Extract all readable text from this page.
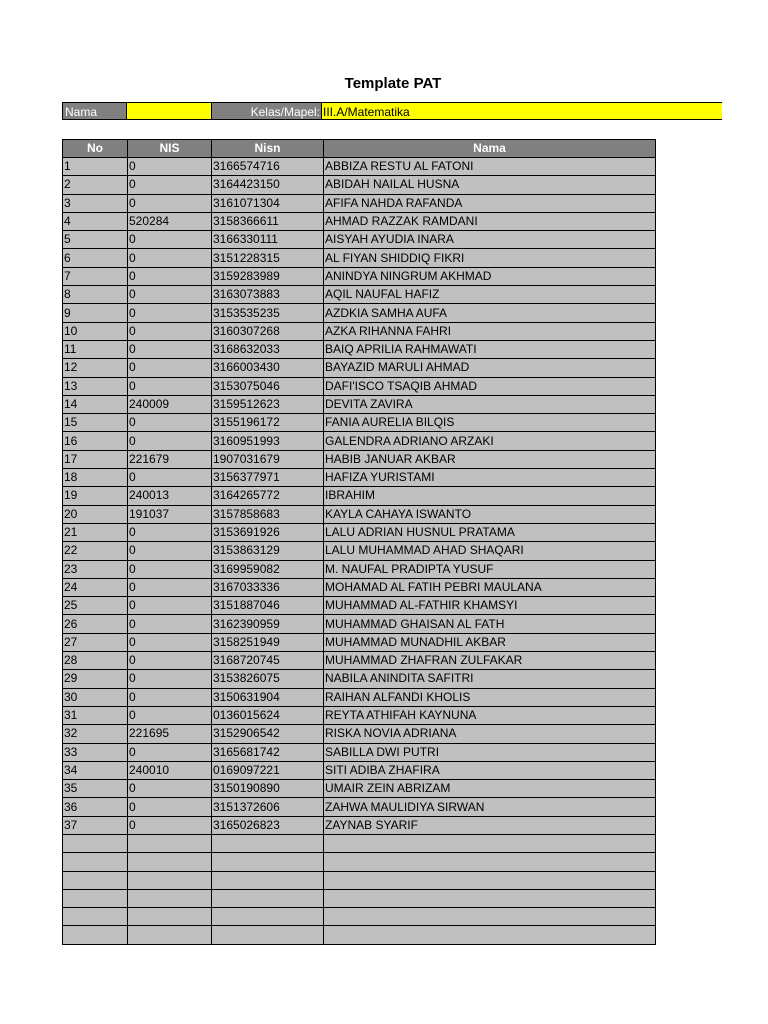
Template PAT
Nama	Kelas/Mapel: III.A/Matematika
No	NIS	Nisn	Nama
1	0	3166574716	ABBIZA RESTU AL FATONI
2	0	3164423150	ABIDAH NAILAL HUSNA
3	0	3161071304	AFIFA NAHDA RAFANDA
4	520284	3158366611	AHMAD RAZZAK RAMDANI
5	0	3166330111	AISYAH AYUDIA INARA
6	0	3151228315	AL FIYAN SHIDDIQ FIKRI
7	0	3159283989	ANINDYA NINGRUM AKHMAD
8	0	3163073883	AQIL NAUFAL HAFIZ
9	0	3153535235	AZDKIA SAMHA AUFA
10	0	3160307268	AZKA RIHANNA FAHRI
11	0	3168632033	BAIQ APRILIA RAHMAWATI
12	0	3166003430	BAYAZID MARULI AHMAD
13	0	3153075046	DAFI'ISCO TSAQIB AHMAD
14	240009	3159512623	DEVITA ZAVIRA
15	0	3155196172	FANIA AURELIA BILQIS
16	0	3160951993	GALENDRA ADRIANO ARZAKI
17	221679	1907031679	HABIB JANUAR AKBAR
18	0	3156377971	HAFIZA YURISTAMI
19	240013	3164265772	IBRAHIM
20	191037	3157858683	KAYLA CAHAYA ISWANTO
21	0	3153691926	LALU ADRIAN HUSNUL PRATAMA
22	0	3153863129	LALU MUHAMMAD AHAD SHAQARI
23	0	3169959082	M. NAUFAL PRADIPTA YUSUF
24	0	3167033336	MOHAMAD AL FATIH PEBRI MAULANA
25	0	3151887046	MUHAMMAD AL-FATHIR KHAMSYI
26	0	3162390959	MUHAMMAD GHAISAN AL FATH
27	0	3158251949	MUHAMMAD MUNADHIL AKBAR
28	0	3168720745	MUHAMMAD ZHAFRAN ZULFAKAR
29	0	3153826075	NABILA ANINDITA SAFITRI
30	0	3150631904	RAIHAN ALFANDI KHOLIS
31	0	0136015624	REYTA ATHIFAH KAYNUNA
32	221695	3152906542	RISKA NOVIA ADRIANA
33	0	3165681742	SABILLA DWI PUTRI
34	240010	0169097221	SITI ADIBA ZHAFIRA
35	0	3150190890	UMAIR ZEIN ABRIZAM
36	0	3151372606	ZAHWA MAULIDIYA SIRWAN
37	0	3165026823	ZAYNAB SYARIF
